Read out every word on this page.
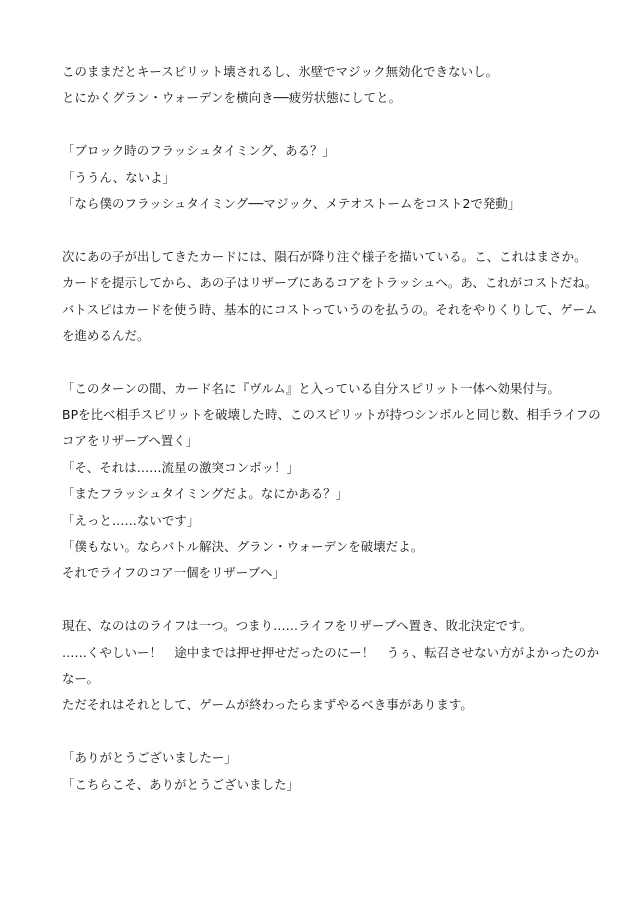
このままだとキースピリット壊されるし、氷壁でマジック無効化できないし。
とにかくグラン・ウォーデンを横向き──疲労状態にしてと。
「ブロック時のフラッシュタイミング、ある？」
「ううん、ないよ」
「なら僕のフラッシュタイミング──マジック、メテオストームをコスト2で発動」
次にあの子が出してきたカードには、隕石が降り注ぐ様子を描いている。こ、これはまさか。
カードを提示してから、あの子はリザーブにあるコアをトラッシュへ。あ、これがコストだね。
バトスピはカードを使う時、基本的にコストっていうのを払うの。それをやりくりして、ゲーム
を進めるんだ。
「このターンの間、カード名に『ヴルム』と入っている自分スピリット一体へ効果付与。
BPを比べ相手スピリットを破壊した時、このスピリットが持つシンボルと同じ数、相手ライフの
コアをリザーブへ置く」
「そ、それは……流星の激突コンボッ！」
「またフラッシュタイミングだよ。なにかある？」
「えっと……ないです」
「僕もない。ならバトル解決、グラン・ウォーデンを破壊だよ。
それでライフのコア一個をリザーブへ」
現在、なのはのライフは一つ。つまり……ライフをリザーブへ置き、敗北決定です。
……くやしいー！　途中までは押せ押せだったのにー！　うぅ、転召させない方がよかったのか
なー。
ただそれはそれとして、ゲームが終わったらまずやるべき事があります。
「ありがとうございましたー」
「こちらこそ、ありがとうございました」
